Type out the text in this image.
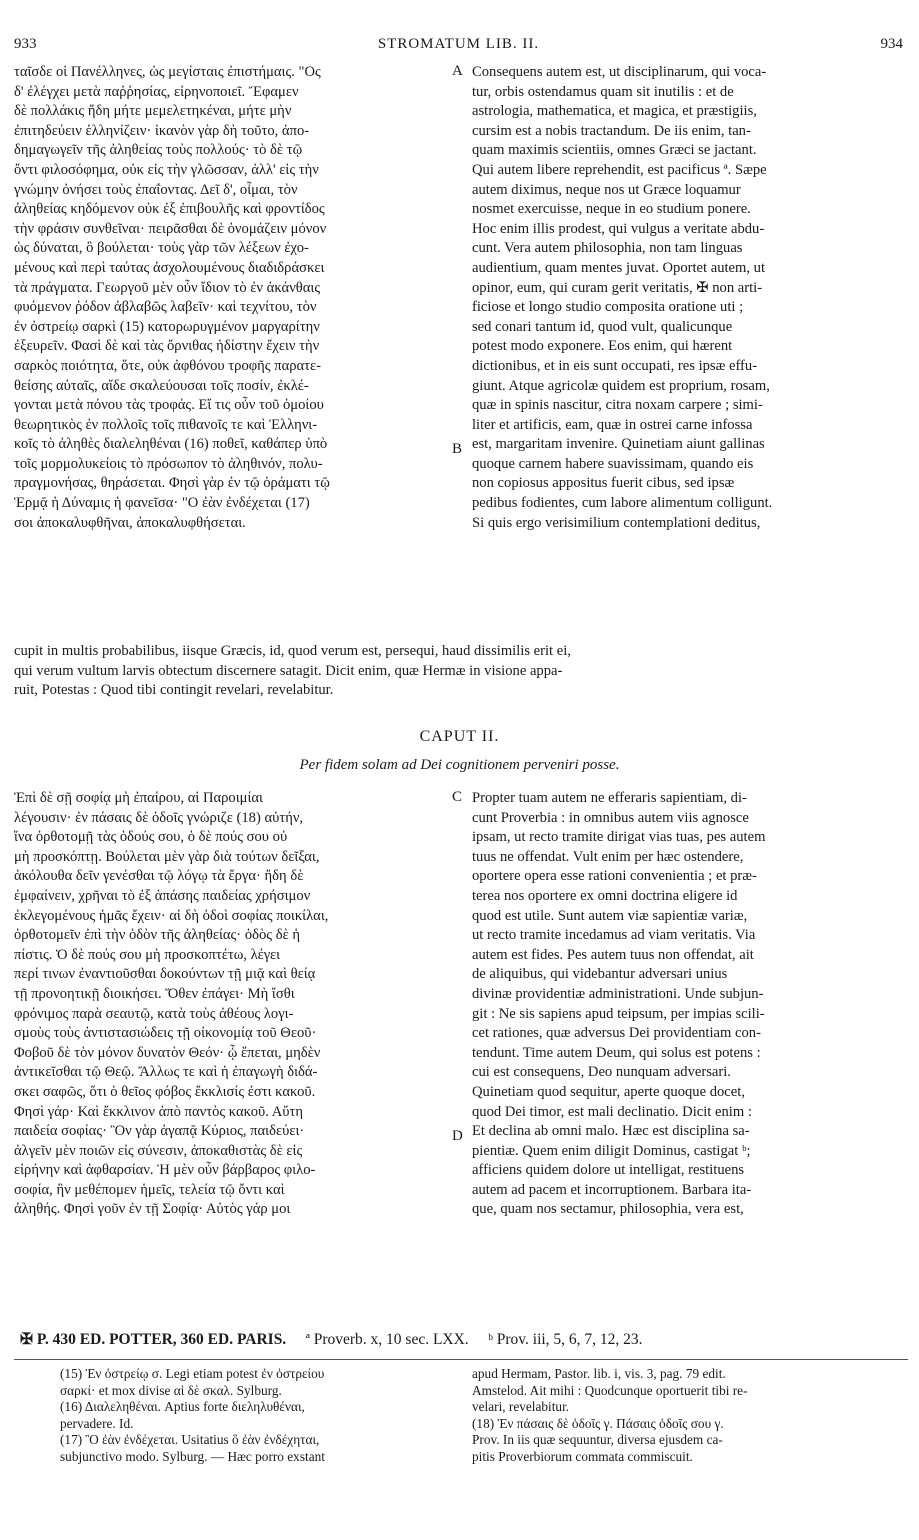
933	STROMATUM LIB. II.	934

ταῖσδε οἱ Πανέλληνες, ὡς μεγίσταις ἐπιστήμαις. "Ος

δ' ἐλέγχει μετὰ παῤῥησίας, εἰρηνοποιεῖ. Ἔφαμεν

δὲ πολλάκις ἤδη μήτε μεμελετηκέναι, μήτε μὴν

ἐπιτηδεύειν ἑλληνίζειν· ἱκανὸν γὰρ δὴ τοῦτο, ἀπο-

δημαγωγεῖν τῆς ἀληθείας τοὺς πολλούς· τὸ δὲ τῷ

ὄντι φιλοσόφημα, οὐκ εἰς τὴν γλῶσσαν, ἀλλ' εἰς τὴν

γνώμην ὀνήσει τοὺς ἐπαΐοντας. Δεῖ δ', οἶμαι, τὸν

ἀληθείας κηδόμενον οὐκ ἐξ ἐπιβουλῆς καὶ φροντίδος

τὴν φράσιν συνθεῖναι· πειρᾶσθαι δὲ ὀνομάζειν μόνον

ὡς δύναται, ὃ βούλεται· τοὺς γὰρ τῶν λέξεων ἐχο-

μένους καὶ περὶ ταύτας ἀσχολουμένους διαδιδράσκει

τὰ πράγματα. Γεωργοῦ μὲν οὖν ἴδιον τὸ ἐν ἀκάνθαις

φυόμενον ῥόδον ἀβλαβῶς λαβεῖν· καὶ τεχνίτου, τὸν

ἐν ὀστρείῳ σαρκὶ (15) κατορωρυγμένον μαργαρίτην

ἐξευρεῖν. Φασὶ δὲ καὶ τὰς ὄρνιθας ἡδίστην ἔχειν τὴν

σαρκὸς ποιότητα, ὅτε, οὐκ ἀφθόνου τροφῆς παρατε-

θείσης αὐταῖς, αἵδε σκαλεύουσαι τοῖς ποσίν, ἐκλέ-

γονται μετὰ πόνου τὰς τροφάς. Εἴ τις οὖν τοῦ ὁμοίου

θεωρητικὸς ἐν πολλοῖς τοῖς πιθανοῖς τε καὶ Ἑλληνι-

κοῖς τὸ ἀληθὲς διαλεληθέναι (16) ποθεῖ, καθάπερ ὑπὸ

τοῖς μορμολυκείοις τὸ πρόσωπον τὸ ἀληθινόν, πολυ-

πραγμονήσας, θηράσεται. Φησὶ γὰρ ἐν τῷ ὁράματι τῷ

Ἑρμᾷ ἡ Δύναμις ἡ φανεῖσα· "Ο ἐὰν ἐνδέχεται (17)

σοι ἀποκαλυφθῆναι, ἀποκαλυφθήσεται.

Consequens autem est, ut disciplinarum, qui voca-

tur, orbis ostendamus quam sit inutilis : et de

astrologia, mathematica, et magica, et præstigiis,

cursim est a nobis tractandum. De iis enim, tan-

quam maximis scientiis, omnes Græci se jactant.

Qui autem libere reprehendit, est pacificus ª. Sæpe

autem diximus, neque nos ut Græce loquamur

nosmet exercuisse, neque in eo studium ponere.

Hoc enim illis prodest, qui vulgus a veritate abdu-

cunt. Vera autem philosophia, non tam linguas

audientium, quam mentes juvat. Oportet autem, ut

opinor, eum, qui curam gerit veritatis, ✠ non arti-

ficiose et longo studio composita oratione uti ;

sed conari tantum id, quod vult, qualicunque

potest modo exponere. Eos enim, qui hærent

dictionibus, et in eis sunt occupati, res ipsæ effu-

giunt. Atque agricolæ quidem est proprium, rosam,

quæ in spinis nascitur, citra noxam carpere ; simi-

liter et artificis, eam, quæ in ostrei carne infossa

est, margaritam invenire. Quinetiam aiunt gallinas

quoque carnem habere suavissimam, quando eis

non copiosus appositus fuerit cibus, sed ipsæ

pedibus fodientes, cum labore alimentum colligunt.

Si quis ergo verisimilium contemplationi deditus,

A
B

cupit in multis probabilibus, iisque Græcis, id, quod verum est, persequi, haud dissimilis erit ei,

qui verum vultum larvis obtectum discernere satagit. Dicit enim, quæ Hermæ in visione appa-

ruit, Potestas : Quod tibi contingit revelari, revelabitur.

CAPUT II.
Per fidem solam ad Dei cognitionem perveniri posse.

Ἐπὶ δὲ σῇ σοφίᾳ μὴ ἐπαίρου, αἱ Παροιμίαι

λέγουσιν· ἐν πάσαις δὲ ὁδοῖς γνώριζε (18) αὐτήν,

ἵνα ὀρθοτομῇ τὰς ὁδούς σου, ὁ δὲ πούς σου οὐ

μὴ προσκόπτῃ. Βούλεται μὲν γὰρ διὰ τούτων δεῖξαι,

ἀκόλουθα δεῖν γενέσθαι τῷ λόγῳ τὰ ἔργα· ἤδη δὲ

ἐμφαίνειν, χρῆναι τὸ ἐξ ἁπάσης παιδείας χρήσιμον

ἐκλεγομένους ἡμᾶς ἔχειν· αἱ δὴ ὁδοὶ σοφίας ποικίλαι,

ὀρθοτομεῖν ἐπὶ τὴν ὁδὸν τῆς ἀληθείας· ὁδὸς δὲ ἡ

πίστις. Ὁ δὲ πούς σου μὴ προσκοπτέτω, λέγει

περί τινων ἐναντιοῦσθαι δοκούντων τῇ μιᾷ καὶ θείᾳ

τῇ προνοητικῇ διοικήσει. Ὅθεν ἐπάγει· Μὴ ἴσθι

φρόνιμος παρὰ σεαυτῷ, κατὰ τοὺς ἀθέους λογι-

σμοὺς τοὺς ἀντιστασιώδεις τῇ οἰκονομίᾳ τοῦ Θεοῦ·

Φοβοῦ δὲ τὸν μόνον δυνατὸν Θεόν· ᾧ ἕπεται, μηδὲν

ἀντικεῖσθαι τῷ Θεῷ. Ἄλλως τε καὶ ἡ ἐπαγωγὴ διδά-

σκει σαφῶς, ὅτι ὁ θεῖος φόβος ἔκκλισίς ἐστι κακοῦ.

Φησὶ γάρ· Καὶ ἔκκλινον ἀπὸ παντὸς κακοῦ. Αὕτη

παιδεία σοφίας· Ὃν γὰρ ἀγαπᾷ Κύριος, παιδεύει·

ἀλγεῖν μὲν ποιῶν εἰς σύνεσιν, ἀποκαθιστὰς δὲ εἰς

εἰρήνην καὶ ἀφθαρσίαν. Ἡ μὲν οὖν βάρβαρος φιλο-

σοφία, ἣν μεθέπομεν ἡμεῖς, τελεία τῷ ὄντι καὶ

ἀληθής. Φησὶ γοῦν ἐν τῇ Σοφίᾳ· Αὐτὸς γάρ μοι

Propter tuam autem ne efferaris sapientiam, di-

cunt Proverbia : in omnibus autem viis agnosce

ipsam, ut recto tramite dirigat vias tuas, pes autem

tuus ne offendat. Vult enim per hæc ostendere,

oportere opera esse rationi convenientia ; et præ-

terea nos oportere ex omni doctrina eligere id

quod est utile. Sunt autem viæ sapientiæ variæ,

ut recto tramite incedamus ad viam veritatis. Via

autem est fides. Pes autem tuus non offendat, ait

de aliquibus, qui videbantur adversari unius

divinæ providentiæ administrationi. Unde subjun-

git : Ne sis sapiens apud teipsum, per impias scili-

cet rationes, quæ adversus Dei providentiam con-

tendunt. Time autem Deum, qui solus est potens :

cui est consequens, Deo nunquam adversari.

Quinetiam quod sequitur, aperte quoque docet,

quod Dei timor, est mali declinatio. Dicit enim :

Et declina ab omni malo. Hæc est disciplina sa-

pientiæ. Quem enim diligit Dominus, castigat ᵇ;

afficiens quidem dolore ut intelligat, restituens

autem ad pacem et incorruptionem. Barbara ita-

que, quam nos sectamur, philosophia, vera est,

C
D
✠ P. 430 ED. POTTER, 360 ED. PARIS. ª Proverb. x, 10 sec. LXX. ᵇ Prov. iii, 5, 6, 7, 12, 23.

(15) Ἐν ὀστρείῳ σ. Legi etiam potest ἐν ὀστρείου

σαρκί· et mox divise αἱ δὲ σκαλ. Sylburg.

(16) Διαλεληθέναι. Aptius forte διεληλυθέναι,

pervadere. Id.

(17) Ὃ ἐὰν ἐνδέχεται. Usitatius ὃ ἐὰν ἐνδέχηται,

subjunctivo modo. Sylburg. — Hæc porro exstant

apud Hermam, Pastor. lib. i, vis. 3, pag. 79 edit.

Amstelod. Ait mihi : Quodcunque oportuerit tibi re-

velari, revelabitur.

(18) Ἐν πάσαις δὲ ὁδοῖς γ. Πάσαις ὁδοῖς σου γ.

Prov. In iis quæ sequuntur, diversa ejusdem ca-

pitis Proverbiorum commata commiscuit.
